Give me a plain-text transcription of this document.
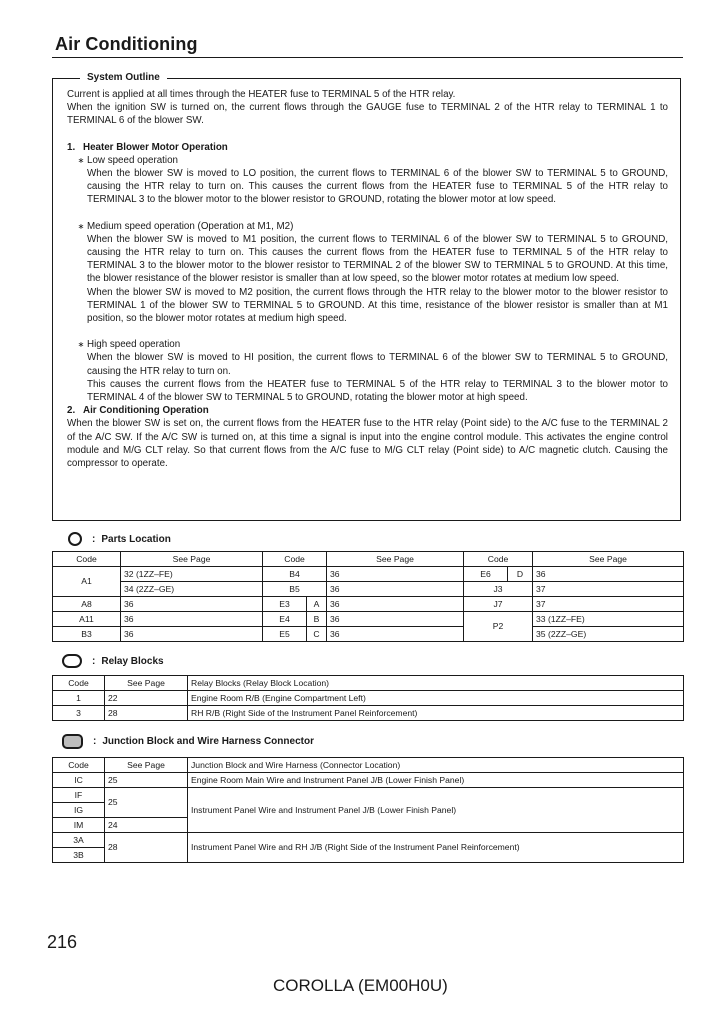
Air Conditioning
System Outline

Current is applied at all times through the HEATER fuse to TERMINAL 5 of the HTR relay.

When the ignition SW is turned on, the current flows through the GAUGE fuse to TERMINAL 2 of the HTR relay to TERMINAL 1 to TERMINAL 6 of the blower SW.

1. Heater Blower Motor Operation
∗ Low speed operation

When the blower SW is moved to LO position, the current flows to TERMINAL 6 of the blower SW to TERMINAL 5 to GROUND, causing the HTR relay to turn on. This causes the current flows from the HEATER fuse to TERMINAL 5 of the HTR relay to TERMINAL 3 to the blower motor to the blower resistor to GROUND, rotating the blower motor at low speed.

∗ Medium speed operation (Operation at M1, M2)

When the blower SW is moved to M1 position, the current flows to TERMINAL 6 of the blower SW to TERMINAL 5 to GROUND, causing the HTR relay to turn on. This causes the current flows from the HEATER fuse to TERMINAL 5 of the HTR relay to TERMINAL 3 to the blower motor to the blower resistor to TERMINAL 2 of the blower SW to TERMINAL 5 to GROUND. At this time, the blower resistance of the blower resistor is smaller than at low speed, so the blower motor rotates at medium low speed.

When the blower SW is moved to M2 position, the current flows through the HTR relay to the blower motor to the blower resistor to TERMINAL 1 of the blower SW to TERMINAL 5 to GROUND. At this time, resistance of the blower resistor is smaller than at M1 position, so the blower motor rotates at medium high speed.

∗ High speed operation

When the blower SW is moved to HI position, the current flows to TERMINAL 6 of the blower SW to TERMINAL 5 to GROUND, causing the HTR relay to turn on.

This causes the current flows from the HEATER fuse to TERMINAL 5 of the HTR relay to TERMINAL 3 to the blower motor to TERMINAL 4 of the blower SW to TERMINAL 5 to GROUND, rotating the blower motor at high speed.

2. Air Conditioning Operation

When the blower SW is set on, the current flows from the HEATER fuse to the HTR relay (Point side) to the A/C fuse to the TERMINAL 2 of the A/C SW. If the A/C SW is turned on, at this time a signal is input into the engine control module. This activates the engine control module and M/G CLT relay. So that current flows from the A/C fuse to M/G CLT relay (Point side) to A/C magnetic clutch. Causing the compressor to operate.

: Parts Location
Code	See Page	Code		See Page	Code		See Page
A1	32 (1ZZ–FE)	B4		36	E6	D	36
	34 (2ZZ–GE)	B5		36	J3		37
A8	36	E3	A	36	J7		37
A11	36	E4	B	36	P2		33 (1ZZ–FE)
B3	36	E5	C	36			35 (2ZZ–GE)
: Relay Blocks
Code	See Page	Relay Blocks (Relay Block Location)
1	22	Engine Room R/B (Engine Compartment Left)
3	28	RH R/B (Right Side of the Instrument Panel Reinforcement)
: Junction Block and Wire Harness Connector
Code	See Page	Junction Block and Wire Harness (Connector Location)
IC	25	Engine Room Main Wire and Instrument Panel J/B (Lower Finish Panel)
IF	25	Instrument Panel Wire and Instrument Panel J/B (Lower Finish Panel)
IG		
IM	24	
3A	28	Instrument Panel Wire and RH J/B (Right Side of the Instrument Panel Reinforcement)
3B		
216
COROLLA (EM00H0U)
